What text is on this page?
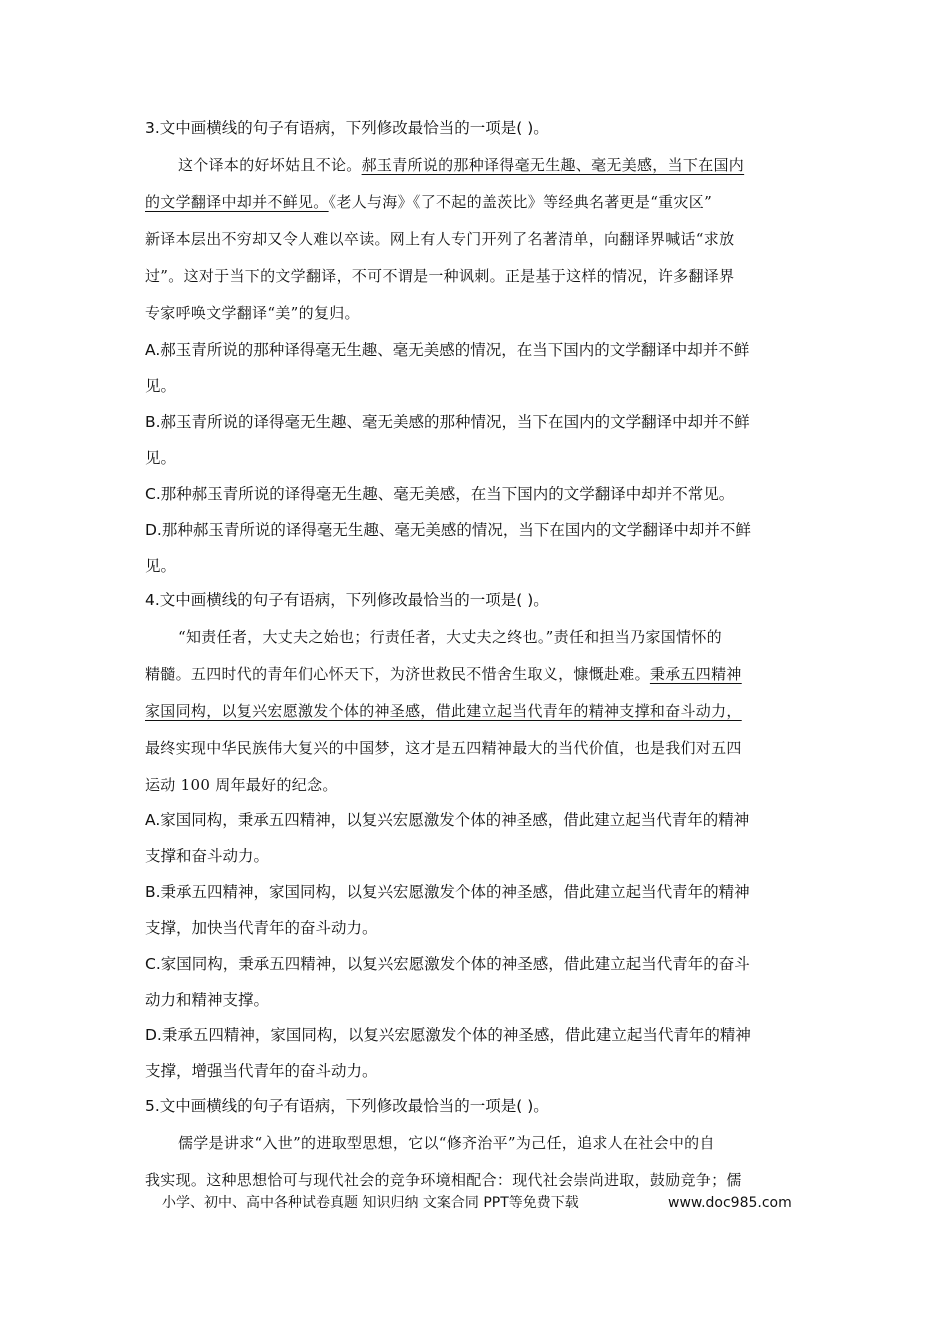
3.文中画横线的句子有语病，下列修改最恰当的一项是( )。
这个译本的好坏姑且不论。郝玉青所说的那种译得毫无生趣、毫无美感，当下在国内
的文学翻译中却并不鲜见。《老人与海》《了不起的盖茨比》等经典名著更是“重灾区”
新译本层出不穷却又令人难以卒读。网上有人专门开列了名著清单，向翻译界喊话“求放
过”。这对于当下的文学翻译，不可不谓是一种讽刺。正是基于这样的情况，许多翻译界
专家呼唤文学翻译“美”的复归。
A.郝玉青所说的那种译得毫无生趣、毫无美感的情况，在当下国内的文学翻译中却并不鲜
见。
B.郝玉青所说的译得毫无生趣、毫无美感的那种情况，当下在国内的文学翻译中却并不鲜
见。
C.那种郝玉青所说的译得毫无生趣、毫无美感，在当下国内的文学翻译中却并不常见。
D.那种郝玉青所说的译得毫无生趣、毫无美感的情况，当下在国内的文学翻译中却并不鲜
见。
4.文中画横线的句子有语病，下列修改最恰当的一项是( )。
“知责任者，大丈夫之始也；行责任者，大丈夫之终也。”责任和担当乃家国情怀的
精髓。五四时代的青年们心怀天下，为济世救民不惜舍生取义，慷慨赴难。秉承五四精神
家国同构，以复兴宏愿激发个体的神圣感，借此建立起当代青年的精神支撑和奋斗动力，
最终实现中华民族伟大复兴的中国梦，这才是五四精神最大的当代价值，也是我们对五四
运动 100 周年最好的纪念。
A.家国同构，秉承五四精神，以复兴宏愿激发个体的神圣感，借此建立起当代青年的精神
支撑和奋斗动力。
B.秉承五四精神，家国同构，以复兴宏愿激发个体的神圣感，借此建立起当代青年的精神
支撑，加快当代青年的奋斗动力。
C.家国同构，秉承五四精神，以复兴宏愿激发个体的神圣感，借此建立起当代青年的奋斗
动力和精神支撑。
D.秉承五四精神，家国同构，以复兴宏愿激发个体的神圣感，借此建立起当代青年的精神
支撑，增强当代青年的奋斗动力。
5.文中画横线的句子有语病，下列修改最恰当的一项是( )。
儒学是讲求“入世”的进取型思想，它以“修齐治平”为己任，追求人在社会中的自
我实现。这种思想恰可与现代社会的竞争环境相配合：现代社会崇尚进取，鼓励竞争；儒
小学、初中、高中各种试卷真题 知识归纳 文案合同 PPT等免费下载	www.doc985.com
